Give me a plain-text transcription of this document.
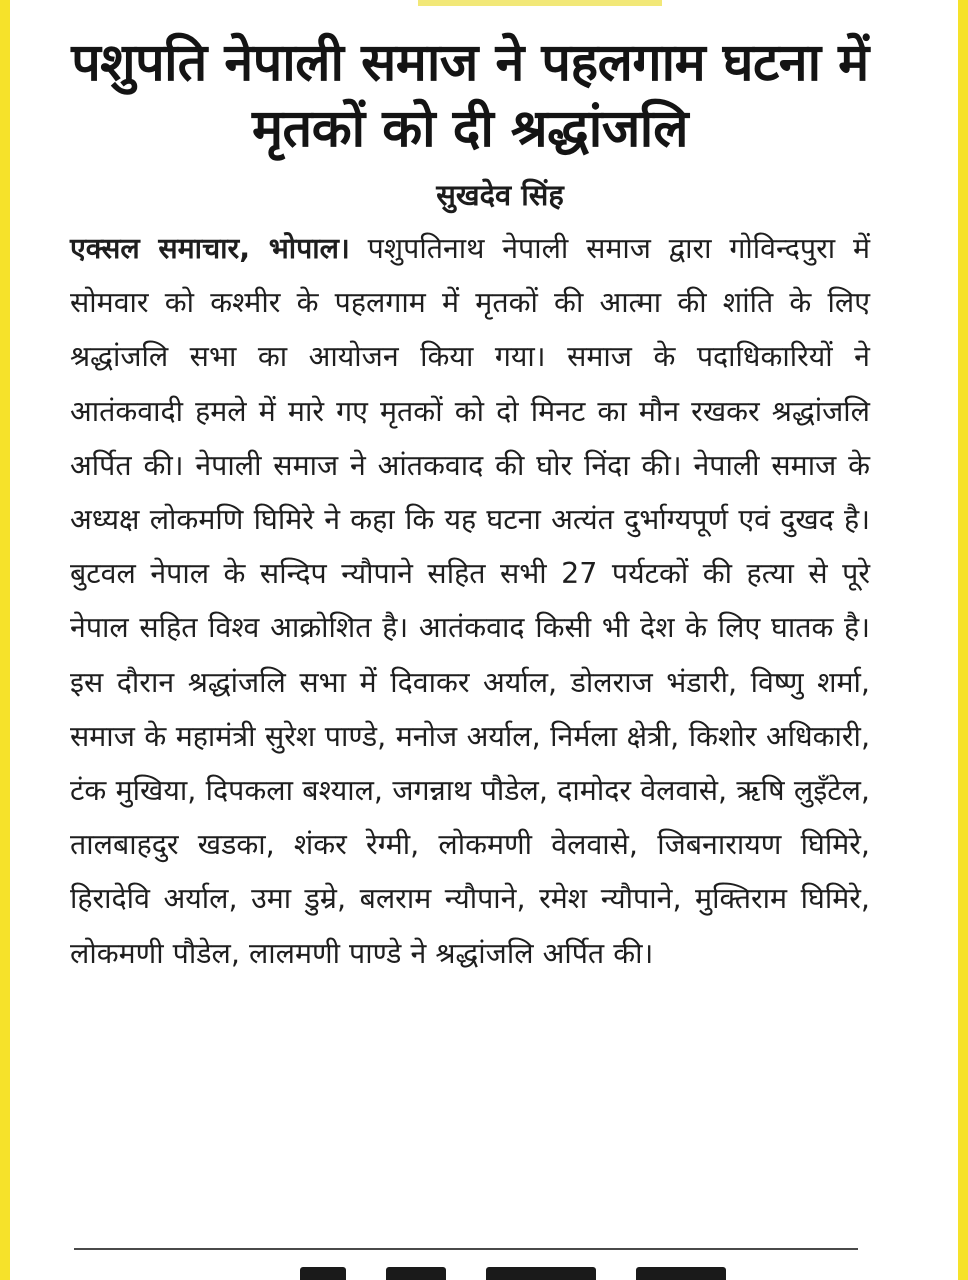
पशुपति नेपाली समाज ने पहलगाम घटना में मृतकों को दी श्रद्धांजलि
सुखदेव सिंह

एक्सल समाचार, भोपाल। पशुपतिनाथ नेपाली समाज द्वारा गोविन्दपुरा में सोमवार को कश्मीर के पहलगाम में मृतकों की आत्मा की शांति के लिए श्रद्धांजलि सभा का आयोजन किया गया। समाज के पदाधिकारियों ने आतंकवादी हमले में मारे गए मृतकों को दो मिनट का मौन रखकर श्रद्धांजलि अर्पित की। नेपाली समाज ने आंतकवाद की घोर निंदा की। नेपाली समाज के अध्यक्ष लोकमणि घिमिरे ने कहा कि यह घटना अत्यंत दुर्भाग्यपूर्ण एवं दुखद है। बुटवल नेपाल के सन्दिप न्यौपाने सहित सभी 27 पर्यटकों की हत्या से पूरे नेपाल सहित विश्व आक्रोशित है। आतंकवाद किसी भी देश के लिए घातक है। इस दौरान श्रद्धांजलि सभा में दिवाकर अर्याल, डोलराज भंडारी, विष्णु शर्मा, समाज के महामंत्री सुरेश पाण्डे, मनोज अर्याल, निर्मला क्षेत्री, किशोर अधिकारी, टंक मुखिया, दिपकला बश्याल, जगन्नाथ पौडेल, दामोदर वेलवासे, ऋषि लुइँटेल, तालबाहदुर खडका, शंकर रेग्मी, लोकमणी वेलवासे, जिबनारायण घिमिरे, हिरादेवि अर्याल, उमा डुम्रे, बलराम न्यौपाने, रमेश न्यौपाने, मुक्तिराम घिमिरे, लोकमणी पौडेल, लालमणी पाण्डे ने श्रद्धांजलि अर्पित की।
